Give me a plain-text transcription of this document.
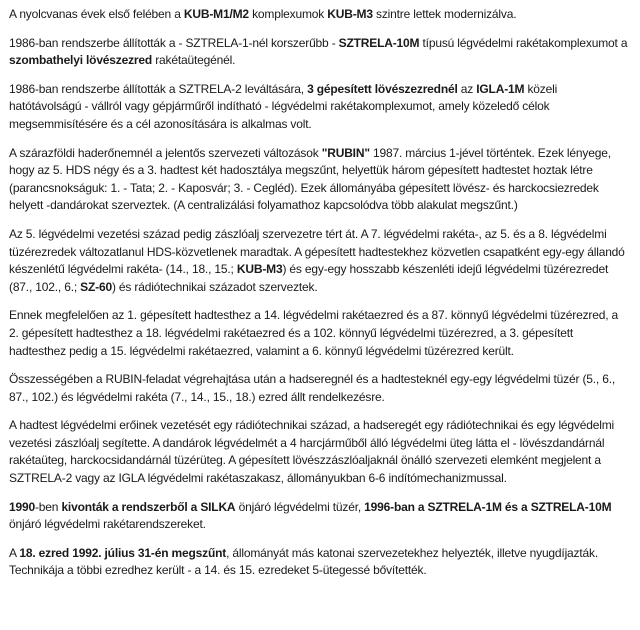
A nyolcvanas évek első felében a KUB-M1/M2 komplexumok KUB-M3 szintre lettek modernizálva.

1986-ban rendszerbe állították a - SZTRELA-1-nél korszerűbb - SZTRELA-10M típusú légvédelmi rakétakomplexumot a szombathelyi lövészezred rakétaütegénél.

1986-ban rendszerbe állították a SZTRELA-2 leváltására, 3 gépesített lövészezrednél az IGLA-1M közeli hatótávolságú - vállról vagy gépjárműről indítható - légvédelmi rakétakomplexumot, amely közeledő célok megsemmisítésére és a cél azonosítására is alkalmas volt.

A szárazföldi haderőnemnél a jelentős szervezeti változások "RUBIN" 1987. március 1-jével történtek. Ezek lényege, hogy az 5. HDS négy és a 3. hadtest két hadosztálya megszűnt, helyettük három gépesített hadtestet hoztak létre (parancsnokságuk: 1. - Tata; 2. - Kaposvár; 3. - Cegléd). Ezek állományába gépesített lövész- és harckocsiezredek helyett -dandárokat szerveztek. (A centralizálási folyamathoz kapcsolódva több alakulat megszűnt.)

Az 5. légvédelmi vezetési század pedig zászlóalj szervezetre tért át. A 7. légvédelmi rakéta-, az 5. és a 8. légvédelmi tüzérezredek változatlanul HDS-közvetlenek maradtak. A gépesített hadtestekhez közvetlen csapatként egy-egy állandó készenlétű légvédelmi rakéta- (14., 18., 15.; KUB-M3) és egy-egy hosszabb készenléti idejű légvédelmi tüzérezredet (87., 102., 6.; SZ-60) és rádiótechnikai századot szerveztek.

Ennek megfelelően az 1. gépesített hadtesthez a 14. légvédelmi rakétaezred és a 87. könnyű légvédelmi tüzérezred, a 2. gépesített hadtesthez a 18. légvédelmi rakétaezred és a 102. könnyű légvédelmi tüzérezred, a 3. gépesített hadtesthez pedig a 15. légvédelmi rakétaezred, valamint a 6. könnyű légvédelmi tüzérezred került.

Összességében a RUBIN-feladat végrehajtása után a hadseregnél és a hadtesteknél egy-egy légvédelmi tüzér (5., 6., 87., 102.) és légvédelmi rakéta (7., 14., 15., 18.) ezred állt rendelkezésre.

A hadtest légvédelmi erőinek vezetését egy rádiótechnikai század, a hadseregét egy rádiótechnikai és egy légvédelmi vezetési zászlóalj segítette. A dandárok légvédelmét a 4 harcjárműből álló légvédelmi üteg látta el - lövészdandárnál rakétaüteg, harckocsidandárnál tüzérüteg. A gépesített lövészzászlóaljaknál önálló szervezeti elemként megjelent a SZTRELA-2 vagy az IGLA légvédelmi rakétaszakasz, állományukban 6-6 indítómechanizmussal.

1990-ben kivonták a rendszerből a SILKA önjáró légvédelmi tüzér, 1996-ban a SZTRELA-1M és a SZTRELA-10M önjáró légvédelmi rakétarendszereket.

A 18. ezred 1992. július 31-én megszűnt, állományát más katonai szervezetekhez helyezték, illetve nyugdíjazták. Technikája a többi ezredhez került - a 14. és 15. ezredeket 5-ütegessé bővítették.
